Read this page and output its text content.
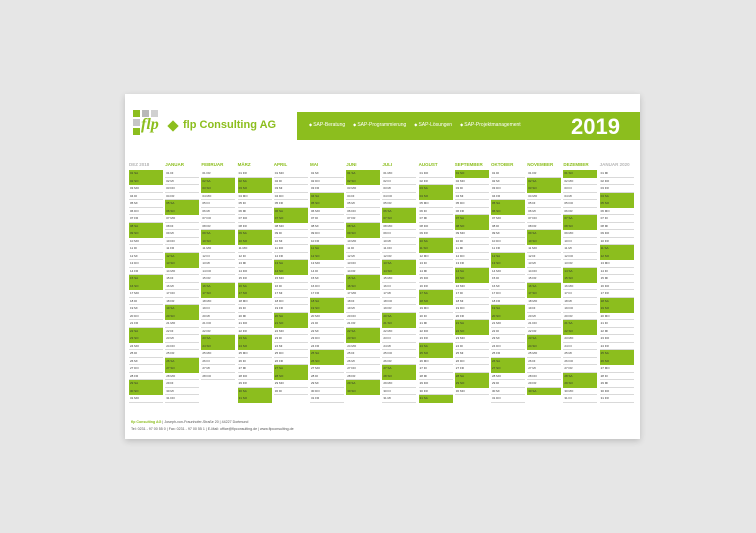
flp flp Consulting AG	◆ SAP-Beratung	◆ SAP-Programmierung	◆ SAP-Lösungen	◆ SAP-Projektmanagement 2019
DEZ 2018
01 SA
02 SO
03 MO
04 DI
05 MI
06 DO
07 FR
08 SA
09 SO
10 MO
11 DI
12 MI
13 DO
14 FR
15 SA
16 SO
17 MO
18 DI
19 MI
20 DO
21 FR
22 SA
23 SO
24 MO
25 DI
26 MI
27 DO
28 FR
29 SA
30 SO
31 MO
JANUAR
01 DI
02 MI
03 DO
04 FR
05 SA
06 SO
07 MO
08 DI
09 MI
10 DO
11 FR
12 SA
13 SO
14 MO
15 DI
16 MI
17 DO
18 FR
19 SA
20 SO
21 MO
22 DI
23 MI
24 DO
25 FR
26 SA
27 SO
28 MO
29 DI
30 MI
31 DO
FEBRUAR
01 FR
02 SA
03 SO
04 MO
05 DI
06 MI
07 DO
08 FR
09 SA
10 SO
11 MO
12 DI
13 MI
14 DO
15 FR
16 SA
17 SO
18 MO
19 DI
20 MI
21 DO
22 FR
23 SA
24 SO
25 MO
26 DI
27 MI
28 DO
MÄRZ
01 FR
02 SA
03 SO
04 MO
05 DI
06 MI
07 DO
08 FR
09 SA
10 SO
11 MO
12 DI
13 MI
14 DO
15 FR
16 SA
17 SO
18 MO
19 DI
20 MI
21 DO
22 FR
23 SA
24 SO
25 MO
26 DI
27 MI
28 DO
29 FR
30 SA
31 SO
APRIL
01 MO
02 DI
03 MI
04 DO
05 FR
06 SA
07 SO
08 MO
09 DI
10 MI
11 DO
12 FR
13 SA
14 SO
15 MO
16 DI
17 MI
18 DO
19 FR
20 SA
21 SO
22 MO
23 DI
24 MI
25 DO
26 FR
27 SA
28 SO
29 MO
30 DI
MAI
01 MI
02 DO
03 FR
04 SA
05 SO
06 MO
07 DI
08 MI
09 DO
10 FR
11 SA
12 SO
13 MO
14 DI
15 MI
16 DO
17 FR
18 SA
19 SO
20 MO
21 DI
22 MI
23 DO
24 FR
25 SA
26 SO
27 MO
28 DI
29 MI
30 DO
31 FR
JUNI
01 SA
02 SO
03 MO
04 DI
05 MI
06 DO
07 FR
08 SA
09 SO
10 MO
11 DI
12 MI
13 DO
14 FR
15 SA
16 SO
17 MO
18 DI
19 MI
20 DO
21 FR
22 SA
23 SO
24 MO
25 DI
26 MI
27 DO
28 FR
29 SA
30 SO
JULI
01 MO
02 DI
03 MI
04 DO
05 FR
06 SA
07 SO
08 MO
09 DI
10 MI
11 DO
12 FR
13 SA
14 SO
15 MO
16 DI
17 MI
18 DO
19 FR
20 SA
21 SO
22 MO
23 DI
24 MI
25 DO
26 FR
27 SA
28 SO
29 MO
30 DI
31 MI
AUGUST
01 DO
02 FR
03 SA
04 SO
05 MO
06 DI
07 MI
08 DO
09 FR
10 SA
11 SO
12 MO
13 DI
14 MI
15 DO
16 FR
17 SA
18 SO
19 MO
20 DI
21 MI
22 DO
23 FR
24 SA
25 SO
26 MO
27 DI
28 MI
29 DO
30 FR
31 SA
SEPTEMBER
01 SO
02 MO
03 DI
04 MI
05 DO
06 FR
07 SA
08 SO
09 MO
10 DI
11 MI
12 DO
13 FR
14 SA
15 SO
16 MO
17 DI
18 MI
19 DO
20 FR
21 SA
22 SO
23 MO
24 DI
25 MI
26 DO
27 FR
28 SA
29 SO
30 MO
OKTOBER
01 DI
02 MI
03 DO
04 FR
05 SA
06 SO
07 MO
08 DI
09 MI
10 DO
11 FR
12 SA
13 SO
14 MO
15 DI
16 MI
17 DO
18 FR
19 SA
20 SO
21 MO
22 DI
23 MI
24 DO
25 FR
26 SA
27 SO
28 MO
29 DI
30 MI
31 DO
NOVEMBER
01 FR
02 SA
03 SO
04 MO
05 DI
06 MI
07 DO
08 FR
09 SA
10 SO
11 MO
12 DI
13 MI
14 DO
15 FR
16 SA
17 SO
18 MO
19 DI
20 MI
21 DO
22 FR
23 SA
24 SO
25 MO
26 DI
27 MI
28 DO
29 FR
30 SA
DEZEMBER
01 SO
02 MO
03 DI
04 MI
05 DO
06 FR
07 SA
08 SO
09 MO
10 DI
11 MI
12 DO
13 FR
14 SA
15 SO
16 MO
17 DI
18 MI
19 DO
20 FR
21 SA
22 SO
23 MO
24 DI
25 MI
26 DO
27 FR
28 SA
29 SO
30 MO
31 DI
JANUAR 2020
01 MI
02 DO
03 FR
04 SA
05 SO
06 MO
07 DI
08 MI
09 DO
10 FR
11 SA
12 SO
13 MO
14 DI
15 MI
16 DO
17 FR
18 SA
19 SO
20 MO
21 DI
22 MI
23 DO
24 FR
25 SA
26 SO
27 MO
28 DI
29 MI
30 DO
31 FR
flp Consulting AG | Joseph-von-Fraunhofer-Straße 20 | 44227 Dortmund
Tel: 0231 - 97 00 55 0 | Fax: 0231 - 97 00 55 1 | E-Mail: office@flpconsulting.de | www.flpconsulting.de
